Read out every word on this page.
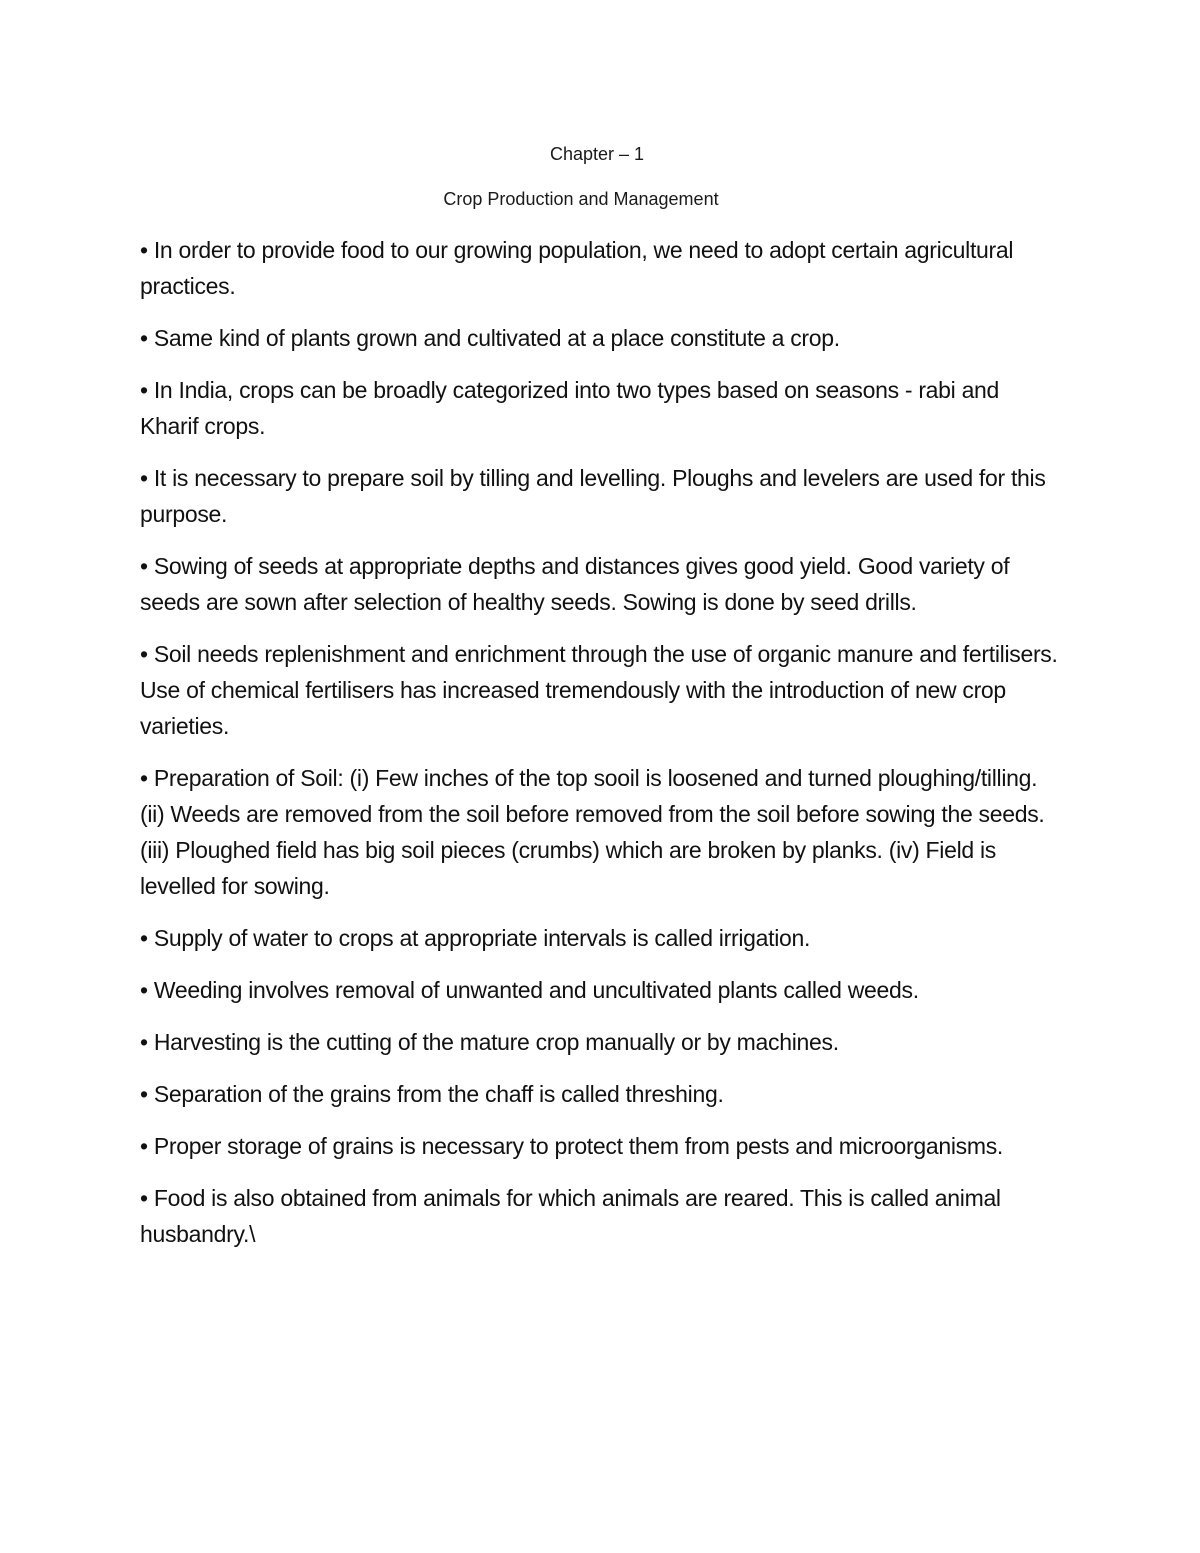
Chapter – 1
Crop Production and Management
• In order to provide food to our growing population, we need to adopt certain agricultural practices.
• Same kind of plants grown and cultivated at a place constitute a crop.
• In India, crops can be broadly categorized into two types based on seasons - rabi and Kharif crops.
• It is necessary to prepare soil by tilling and levelling. Ploughs and levelers are used for this purpose.
• Sowing of seeds at appropriate depths and distances gives good yield. Good variety of seeds are sown after selection of healthy seeds. Sowing is done by seed drills.
• Soil needs replenishment and enrichment through the use of organic manure and fertilisers. Use of chemical fertilisers has increased tremendously with the introduction of new crop varieties.
• Preparation of Soil: (i) Few inches of the top sooil is loosened and turned ploughing/tilling. (ii) Weeds are removed from the soil before removed from the soil before sowing the seeds. (iii) Ploughed field has big soil pieces (crumbs) which are broken by planks. (iv) Field is levelled for sowing.
• Supply of water to crops at appropriate intervals is called irrigation.
• Weeding involves removal of unwanted and uncultivated plants called weeds.
• Harvesting is the cutting of the mature crop manually or by machines.
• Separation of the grains from the chaff is called threshing.
• Proper storage of grains is necessary to protect them from pests and microorganisms.
• Food is also obtained from animals for which animals are reared. This is called animal husbandry.\
